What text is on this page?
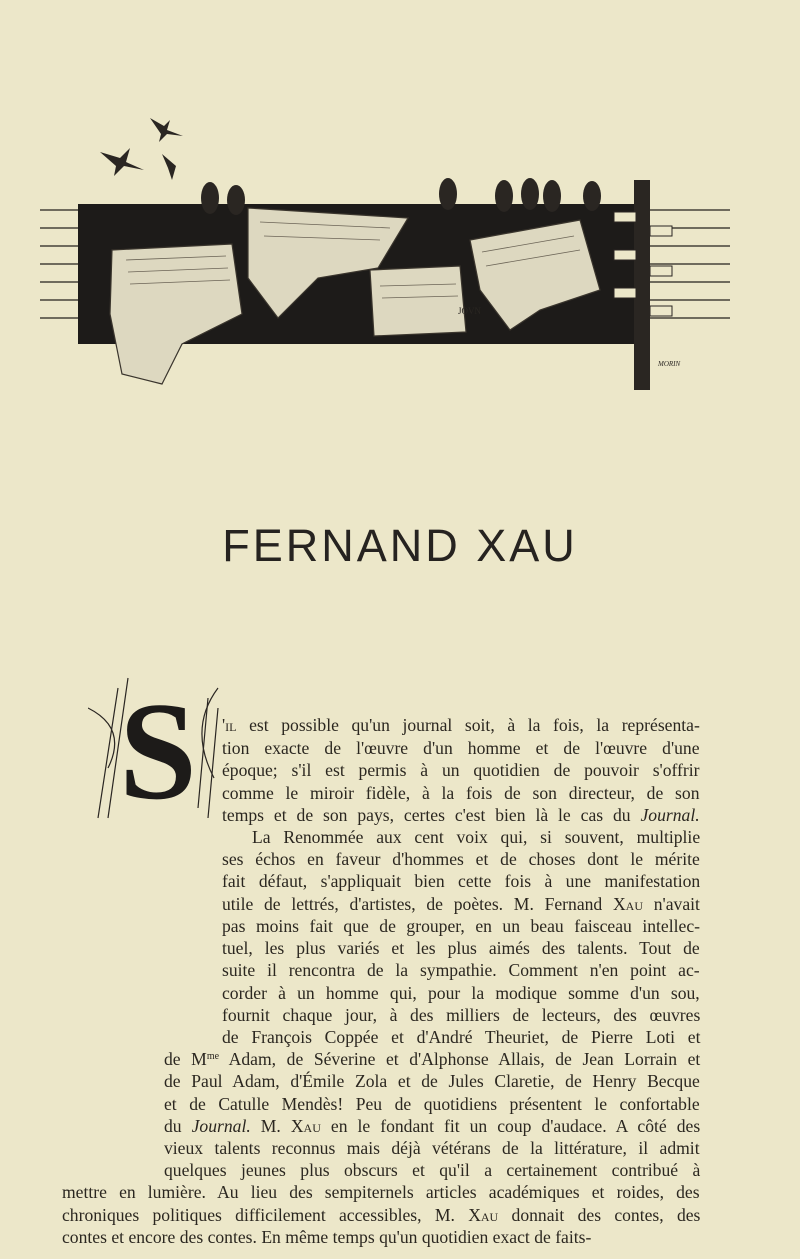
JOVN
MORIN
FERNAND XAU
S 'il est possible qu'un journal soit, à la fois, la représenta-
tion exacte de l'œuvre d'un homme et de l'œuvre d'une
époque; s'il est permis à un quotidien de pouvoir s'offrir
comme le miroir fidèle, à la fois de son directeur, de son
temps et de son pays, certes c'est bien là le cas du Journal.
La Renommée aux cent voix qui, si souvent, multiplie
ses échos en faveur d'hommes et de choses dont le mérite
fait défaut, s'appliquait bien cette fois à une manifestation
utile de lettrés, d'artistes, de poètes. M. Fernand Xau n'avait
pas moins fait que de grouper, en un beau faisceau intellec-
tuel, les plus variés et les plus aimés des talents. Tout de
suite il rencontra de la sympathie. Comment n'en point ac-
corder à un homme qui, pour la modique somme d'un sou,
fournit chaque jour, à des milliers de lecteurs, des œuvres
de François Coppée et d'André Theuriet, de Pierre Loti et
de $M^{me}$ Adam, de Séverine et d'Alphonse Allais, de Jean Lorrain et
de Paul Adam, d'Émile Zola et de Jules Claretie, de Henry Becque
et de Catulle Mendès! Peu de quotidiens présentent le confortable
du Journal. M. Xau en le fondant fit un coup d'audace. A côté des
vieux talents reconnus mais déjà vétérans de la littérature, il admit
quelques jeunes plus obscurs et qu'il a certainement contribué à
mettre en lumière. Au lieu des sempiternels articles académiques et roides, des
chroniques politiques difficilement accessibles, M. Xau donnait des contes, des
contes et encore des contes. En même temps qu'un quotidien exact de faits-
